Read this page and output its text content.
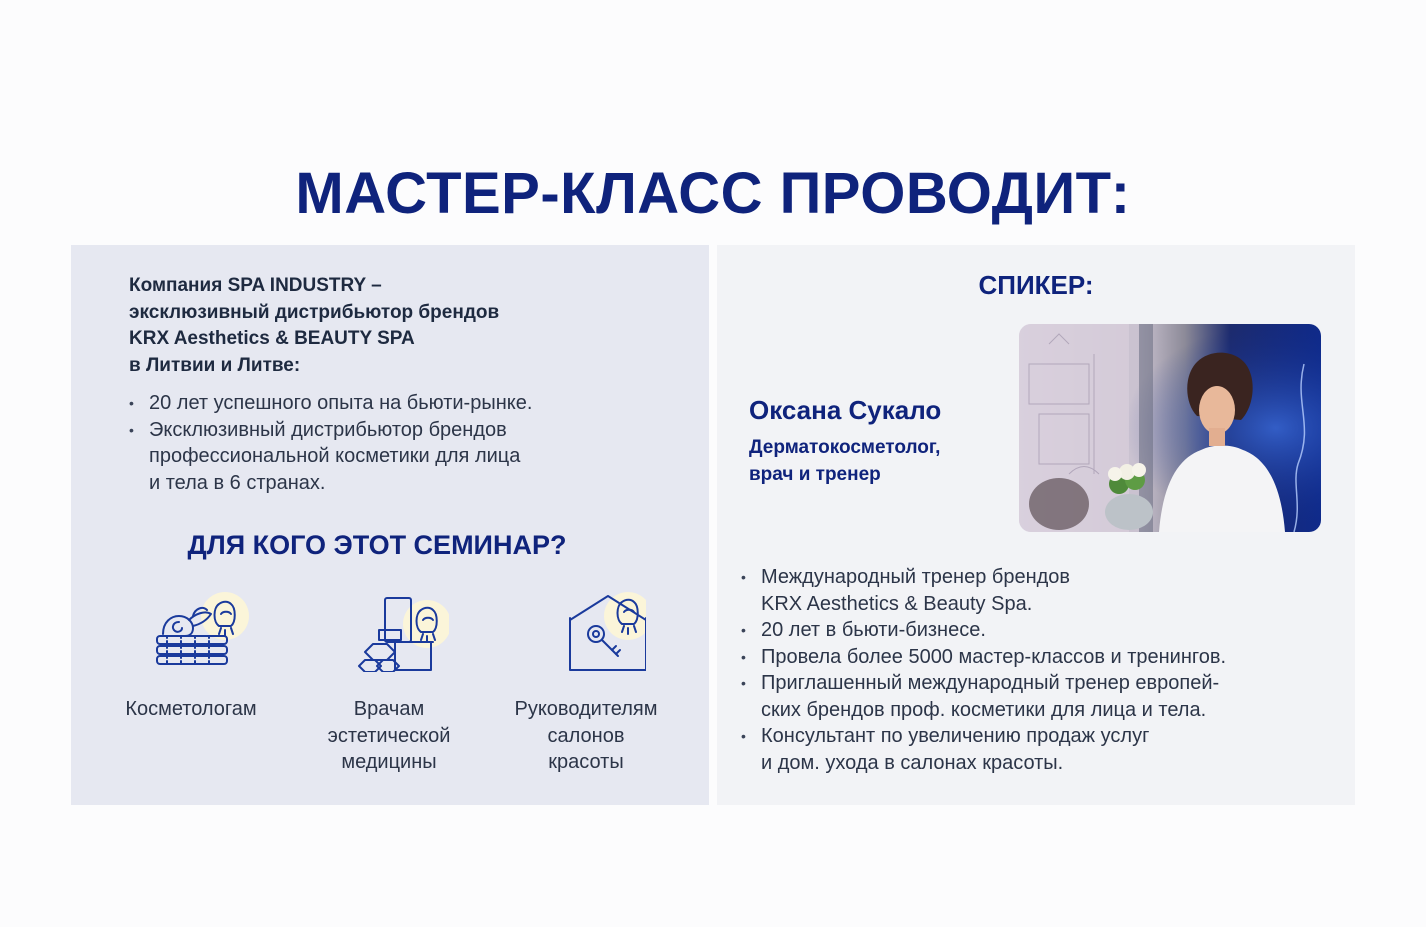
МАСТЕР-КЛАСС ПРОВОДИТ:
Компания SPA INDUSTRY –
эксклюзивный дистрибьютор брендов
KRX Aesthetics & BEAUTY SPA
в Литвии и Литве:
• 20 лет успешного опыта на бьюти-рынке.
• Эксклюзивный дистрибьютор брендов
профессиональной косметики для лица
и тела в 6 странах.
ДЛЯ КОГО ЭТОТ СЕМИНАР?
Косметологам	Врачам
эстетической
медицины
Руководителям
салонов
красоты
СПИКЕР:
Оксана Сукало
Дерматокосметолог,
врач и тренер
• Международный тренер брендов
KRX Aesthetics & Beauty Spa.
• 20 лет в бьюти-бизнесе.
• Провела более 5000 мастер-классов и тренингов.
• Приглашенный международный тренер европей-
ских брендов проф. косметики для лица и тела.
• Консультант по увеличению продаж услуг
и дом. ухода в салонах красоты.
